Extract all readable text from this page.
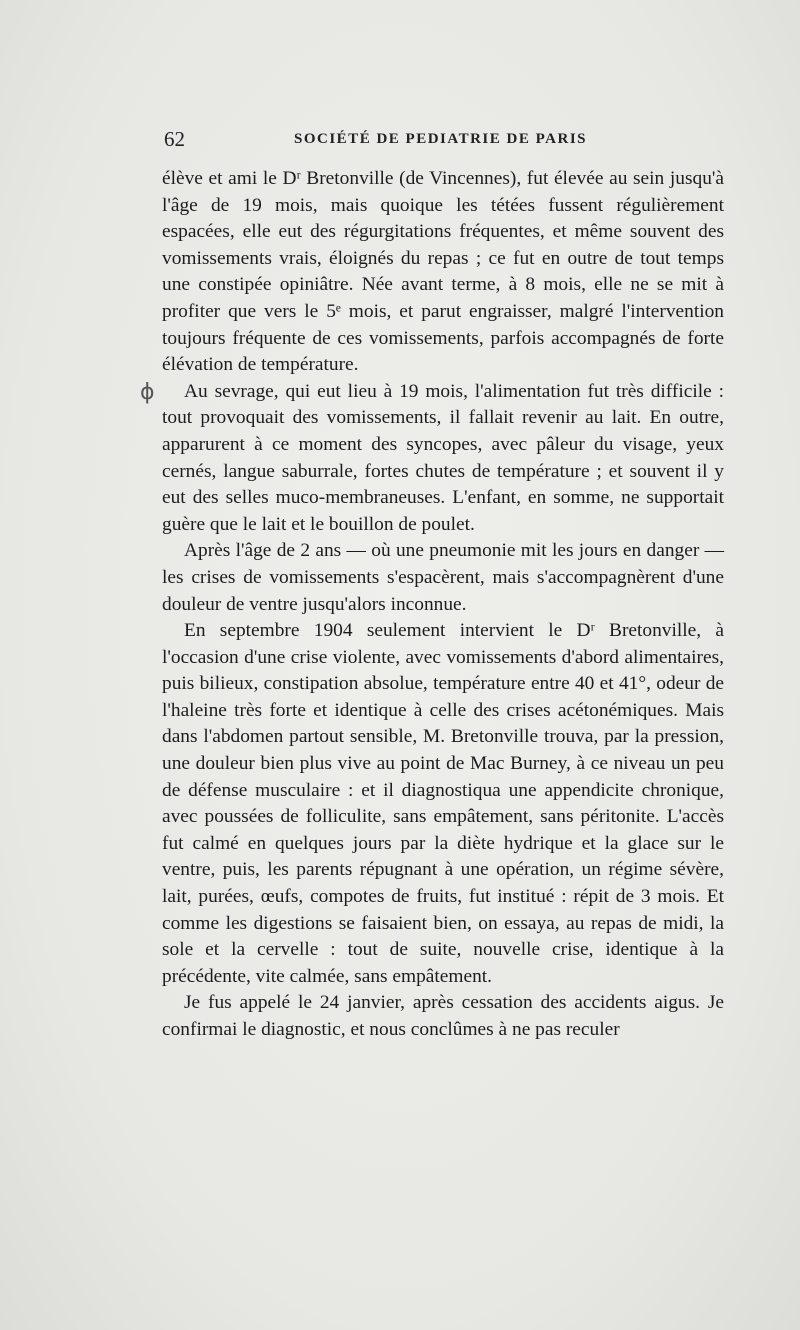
62	SOCIÉTÉ DE PEDIATRIE DE PARIS
ɸ

élève et ami le Dʳ Bretonville (de Vincennes), fut élevée au sein jusqu'à l'âge de 19 mois, mais quoique les tétées fussent régulièrement espacées, elle eut des régurgitations fréquentes, et même souvent des vomissements vrais, éloignés du repas ; ce fut en outre de tout temps une constipée opiniâtre. Née avant terme, à 8 mois, elle ne se mit à profiter que vers le 5ᵉ mois, et parut engraisser, malgré l'intervention toujours fréquente de ces vomissements, parfois accompagnés de forte élévation de température.

Au sevrage, qui eut lieu à 19 mois, l'alimentation fut très difficile : tout provoquait des vomissements, il fallait revenir au lait. En outre, apparurent à ce moment des syncopes, avec pâleur du visage, yeux cernés, langue saburrale, fortes chutes de température ; et souvent il y eut des selles muco-membraneuses. L'enfant, en somme, ne supportait guère que le lait et le bouillon de poulet.

Après l'âge de 2 ans — où une pneumonie mit les jours en danger — les crises de vomissements s'espacèrent, mais s'accompagnèrent d'une douleur de ventre jusqu'alors inconnue.

En septembre 1904 seulement intervient le Dʳ Bretonville, à l'occasion d'une crise violente, avec vomissements d'abord alimentaires, puis bilieux, constipation absolue, température entre 40 et 41°, odeur de l'haleine très forte et identique à celle des crises acétonémiques. Mais dans l'abdomen partout sensible, M. Bretonville trouva, par la pression, une douleur bien plus vive au point de Mac Burney, à ce niveau un peu de défense musculaire : et il diagnostiqua une appendicite chronique, avec poussées de folliculite, sans empâtement, sans péritonite. L'accès fut calmé en quelques jours par la diète hydrique et la glace sur le ventre, puis, les parents répugnant à une opération, un régime sévère, lait, purées, œufs, compotes de fruits, fut institué : répit de 3 mois. Et comme les digestions se faisaient bien, on essaya, au repas de midi, la sole et la cervelle : tout de suite, nouvelle crise, identique à la précédente, vite calmée, sans empâtement.

Je fus appelé le 24 janvier, après cessation des accidents aigus. Je confirmai le diagnostic, et nous conclûmes à ne pas reculer
